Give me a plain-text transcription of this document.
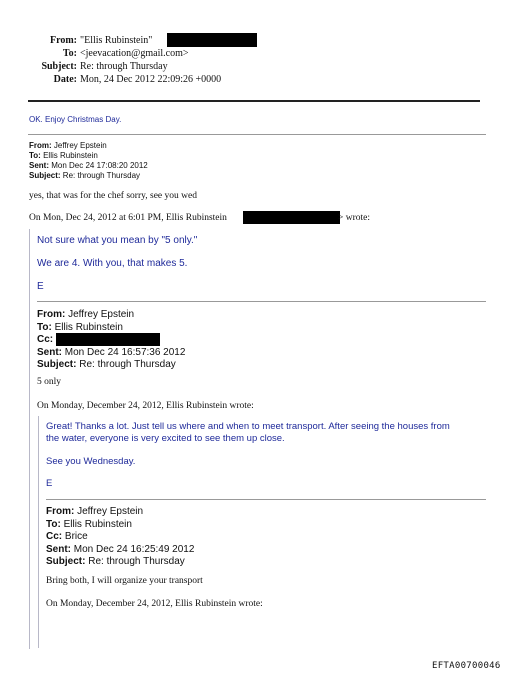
From: "Ellis Rubinstein"
To: <jeevacation@gmail.com>
Subject: Re: through Thursday
Date: Mon, 24 Dec 2012 22:09:26 +0000
OK. Enjoy Christmas Day.
From: Jeffrey Epstein
To: Ellis Rubinstein
Sent: Mon Dec 24 17:08:20 2012
Subject: Re: through Thursday
yes, that was for the chef sorry, see you wed
On Mon, Dec 24, 2012 at 6:01 PM, Ellis Rubinstein	> wrote:
Not sure what you mean by "5 only."
We are 4. With you, that makes 5.
E
From: Jeffrey Epstein
To: Ellis Rubinstein
Cc:
Sent: Mon Dec 24 16:57:36 2012
Subject: Re: through Thursday
5 only
On Monday, December 24, 2012, Ellis Rubinstein wrote:
Great! Thanks a lot. Just tell us where and when to meet transport. After seeing the houses from
the water, everyone is very excited to see them up close.
See you Wednesday.
E
From: Jeffrey Epstein
To: Ellis Rubinstein
Cc: Brice
Sent: Mon Dec 24 16:25:49 2012
Subject: Re: through Thursday
Bring both, I will organize your transport
On Monday, December 24, 2012, Ellis Rubinstein wrote:
EFTA00700046
